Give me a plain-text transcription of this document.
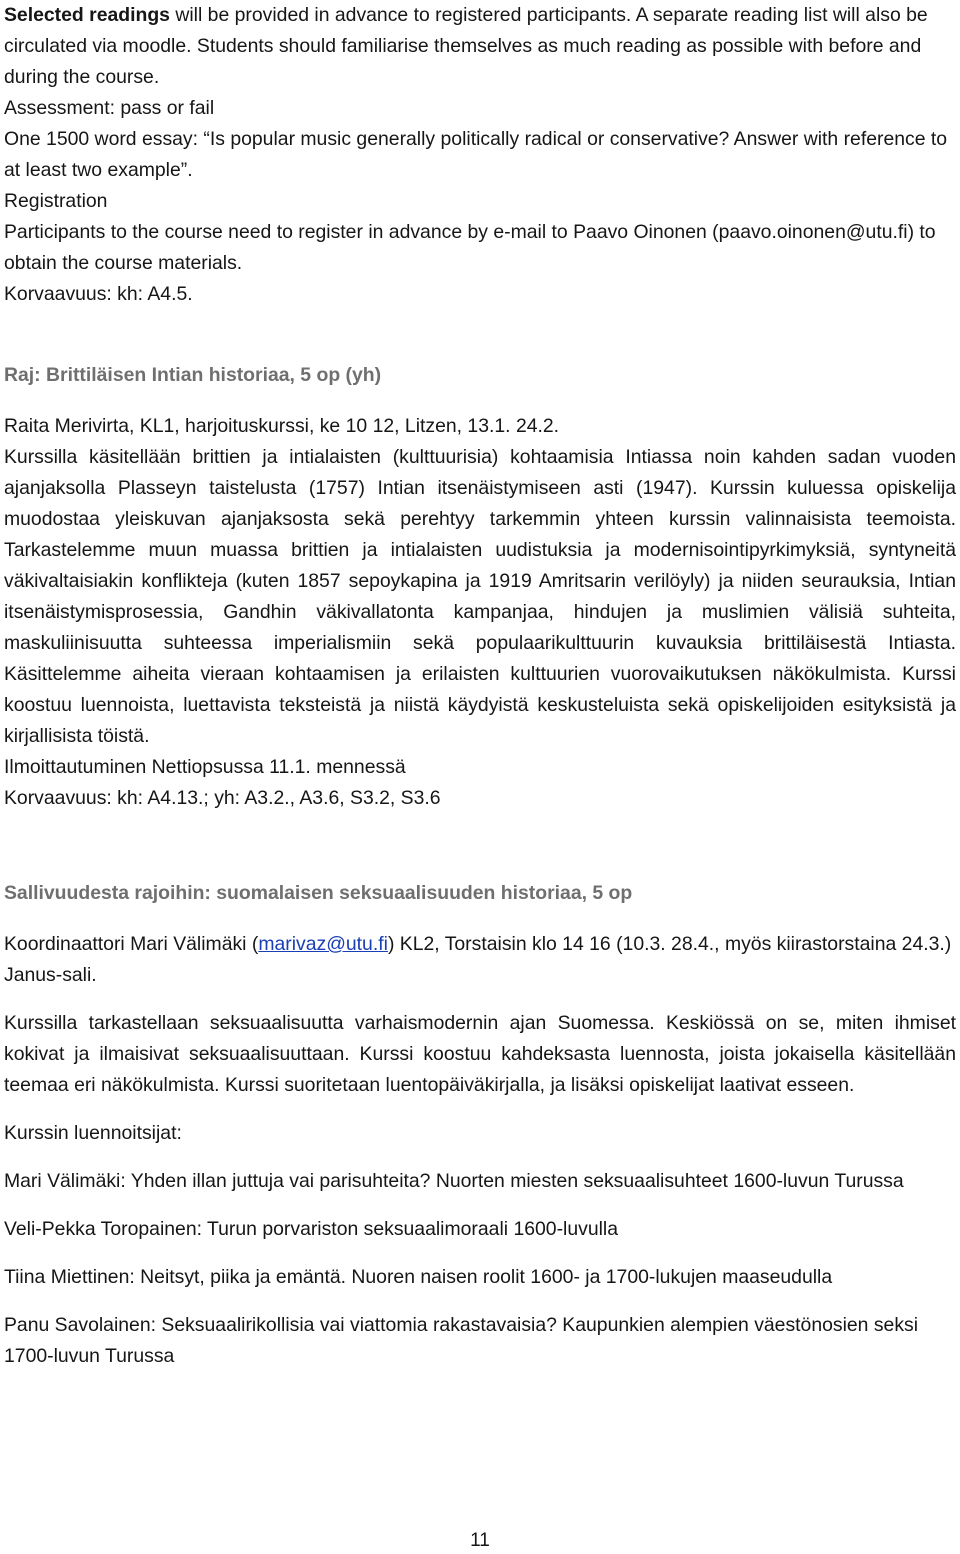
Selected readings will be provided in advance to registered participants. A separate reading list will also be circulated via moodle. Students should familiarise themselves as much reading as possible with before and during the course.

Assessment: pass or fail

One 1500 word essay: “Is popular music generally politically radical or conservative? Answer with reference to at least two example”.

Registration

Participants to the course need to register in advance by e-mail to Paavo Oinonen (paavo.oinonen@utu.fi) to obtain the course materials.

Korvaavuus: kh: A4.5.

Raj: Brittiläisen Intian historiaa, 5 op (yh)

Raita Merivirta, KL1, harjoituskurssi, ke 10 12, Litzen, 13.1. 24.2.

Kurssilla käsitellään brittien ja intialaisten (kulttuurisia) kohtaamisia Intiassa noin kahden sadan vuoden ajanjaksolla Plasseyn taistelusta (1757) Intian itsenäistymiseen asti (1947). Kurssin kuluessa opiskelija muodostaa yleiskuvan ajanjaksosta sekä perehtyy tarkemmin yhteen kurssin valinnaisista teemoista. Tarkastelemme muun muassa brittien ja intialaisten uudistuksia ja modernisointipyrkimyksiä, syntyneitä väkivaltaisiakin konflikteja (kuten 1857 sepoykapina ja 1919 Amritsarin verilöyly) ja niiden seurauksia, Intian itsenäistymisprosessia, Gandhin väkivallatonta kampanjaa, hindujen ja muslimien välisiä suhteita, maskuliinisuutta suhteessa imperialismiin sekä populaarikulttuurin kuvauksia brittiläisestä Intiasta. Käsittelemme aiheita vieraan kohtaamisen ja erilaisten kulttuurien vuorovaikutuksen näkökulmista. Kurssi koostuu luennoista, luettavista teksteistä ja niistä käydyistä keskusteluista sekä opiskelijoiden esityksistä ja kirjallisista töistä.

Ilmoittautuminen Nettiopsussa 11.1. mennessä

Korvaavuus: kh: A4.13.; yh: A3.2., A3.6, S3.2, S3.6

Sallivuudesta rajoihin: suomalaisen seksuaalisuuden historiaa, 5 op

Koordinaattori Mari Välimäki (marivaz@utu.fi) KL2, Torstaisin klo 14 16 (10.3. 28.4., myös kiirastorstaina 24.3.) Janus-sali.

Kurssilla tarkastellaan seksuaalisuutta varhaismodernin ajan Suomessa. Keskiössä on se, miten ihmiset kokivat ja ilmaisivat seksuaalisuuttaan. Kurssi koostuu kahdeksasta luennosta, joista jokaisella käsitellään teemaa eri näkökulmista. Kurssi suoritetaan luentopäiväkirjalla, ja lisäksi opiskelijat laativat esseen.

Kurssin luennoitsijat:

Mari Välimäki: Yhden illan juttuja vai parisuhteita? Nuorten miesten seksuaalisuhteet 1600-luvun Turussa

Veli-Pekka Toropainen: Turun porvariston seksuaalimoraali 1600-luvulla

Tiina Miettinen: Neitsyt, piika ja emäntä. Nuoren naisen roolit 1600- ja 1700-lukujen maaseudulla

Panu Savolainen: Seksuaalirikollisia vai viattomia rakastavaisia? Kaupunkien alempien väestönosien seksi 1700-luvun Turussa

11
